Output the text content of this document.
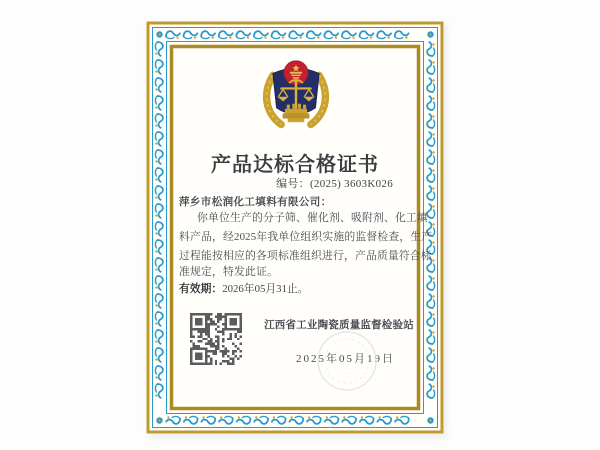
产品达标合格证书
编号：(2025) 3603K026
萍乡市松润化工填料有限公司：
你单位生产的分子筛、催化剂、吸附剂、化工填
料产品，经2025年我单位组织实施的监督检查，生产
过程能按相应的各项标准组织进行，产品质量符合标
准规定，特发此证。
有效期：2026年05月31止。
江西省工业陶瓷质量监督检验站
2025年05月19日
